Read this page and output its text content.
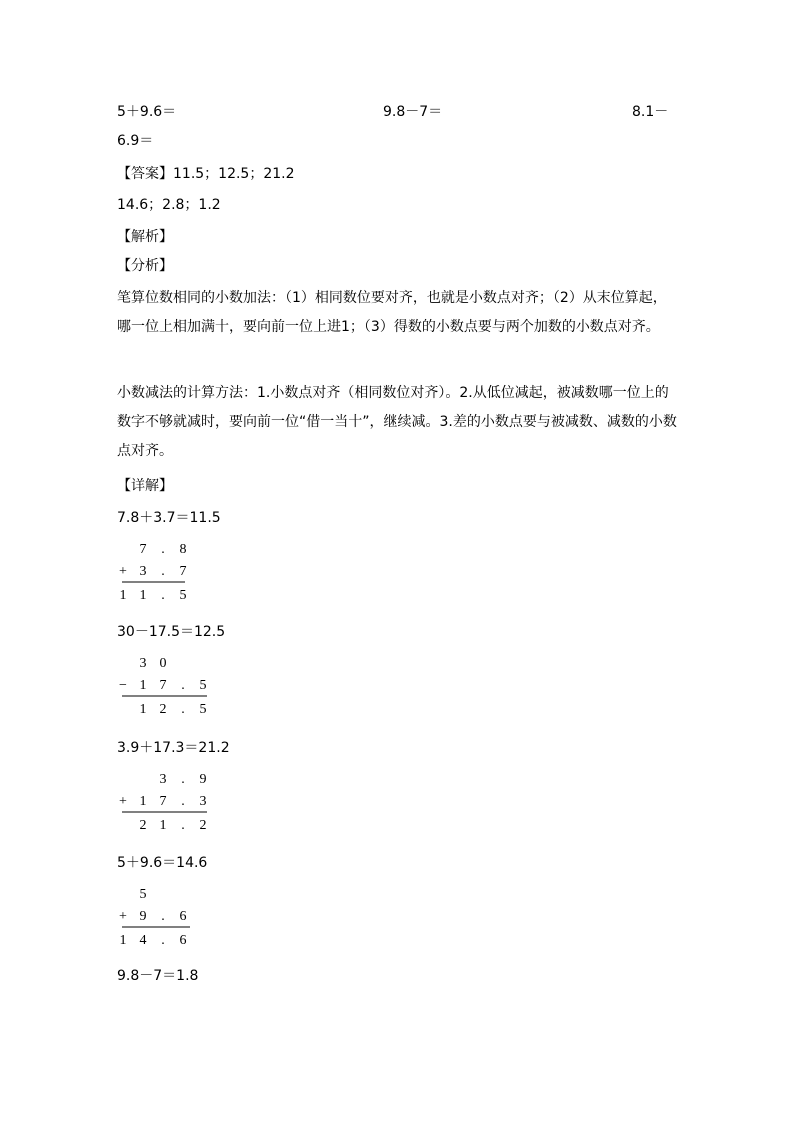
5＋9.6＝	9.8－7＝	8.1－
6.9＝
【答案】11.5；12.5；21.2
14.6；2.8；1.2
【解析】
【分析】
笔算位数相同的小数加法：（1）相同数位要对齐，也就是小数点对齐；（2）从末位算起，哪一位上相加满十，要向前一位上进1；（3）得数的小数点要与两个加数的小数点对齐。
小数减法的计算方法：1.小数点对齐（相同数位对齐）。2.从低位减起，被减数哪一位上的数字不够就减时，要向前一位“借一当十”，继续减。3.差的小数点要与被减数、减数的小数点对齐。
【详解】
7.8＋3.7＝11.5
7	.	8
+ 3	.	7
1 1	.	5
30－17.5＝12.5
3 0
− 1 7	.	5
1 2	.	5
3.9＋17.3＝21.2
3	.	9
+ 1 7	.	3
2 1	.	2
5＋9.6＝14.6
5
+ 9	.	6
1 4	.	6
9.8－7＝1.8
